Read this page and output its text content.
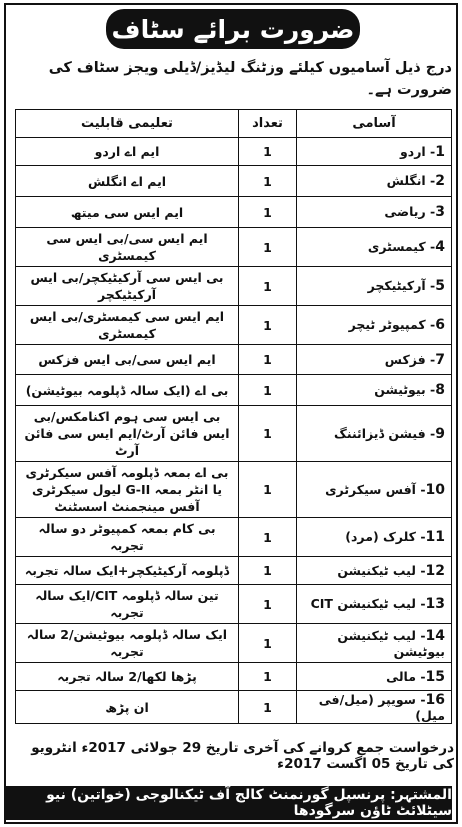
ضرورت برائے سٹاف
درج ذیل آسامیوں کیلئے وزٹنگ لیڈیز/ڈیلی ویجز سٹاف کی ضرورت ہے۔
آسامی	تعداد	تعلیمی قابلیت
1- اردو	1	ایم اے اردو
2- انگلش	1	ایم اے انگلش
3- ریاضی	1	ایم ایس سی میتھ
4- کیمسٹری	1	ایم ایس سی/بی ایس سی کیمسٹری
5- آرکیٹیکچر	1	بی ایس سی آرکیٹیکچر/بی ایس آرکیٹیکچر
6- کمپیوٹر ٹیچر	1	ایم ایس سی کیمسٹری/بی ایس کیمسٹری
7- فزکس	1	ایم ایس سی/بی ایس فزکس
8- بیوٹیشن	1	بی اے (ایک سالہ ڈپلومہ بیوٹیشن)
9- فیشن ڈیزائننگ	1	بی ایس سی ہوم اکنامکس/بی ایس فائن آرٹ/ایم ایس سی فائن آرٹ
10- آفس سیکرٹری	1	بی اے بمعہ ڈپلومہ آفس سیکرٹری یا انٹر بمعہ G-II لیول سیکرٹری آفس مینجمنٹ اسسٹنٹ
11- کلرک (مرد)	1	بی کام بمعہ کمپیوٹر دو سالہ تجربہ
12- لیب ٹیکنیشن	1	ڈپلومہ آرکیٹیکچر+ایک سالہ تجربہ
13- لیب ٹیکنیشن CIT	1	تین سالہ ڈپلومہ CIT/ایک سالہ تجربہ
14- لیب ٹیکنیشن بیوٹیشن	1	ایک سالہ ڈپلومہ بیوٹیشن/2 سالہ تجربہ
15- مالی	1	پڑھا لکھا/2 سالہ تجربہ
16- سویپر (میل/فی میل)	1	ان پڑھ
درخواست جمع کروانے کی آخری تاریخ 29 جولائی 2017ء انٹرویو کی تاریخ 05 اگست 2017ء
المشتہر: پرنسپل گورنمنٹ کالج آف ٹیکنالوجی (خواتین) نیو سیٹلائٹ ٹاؤن سرگودھا
